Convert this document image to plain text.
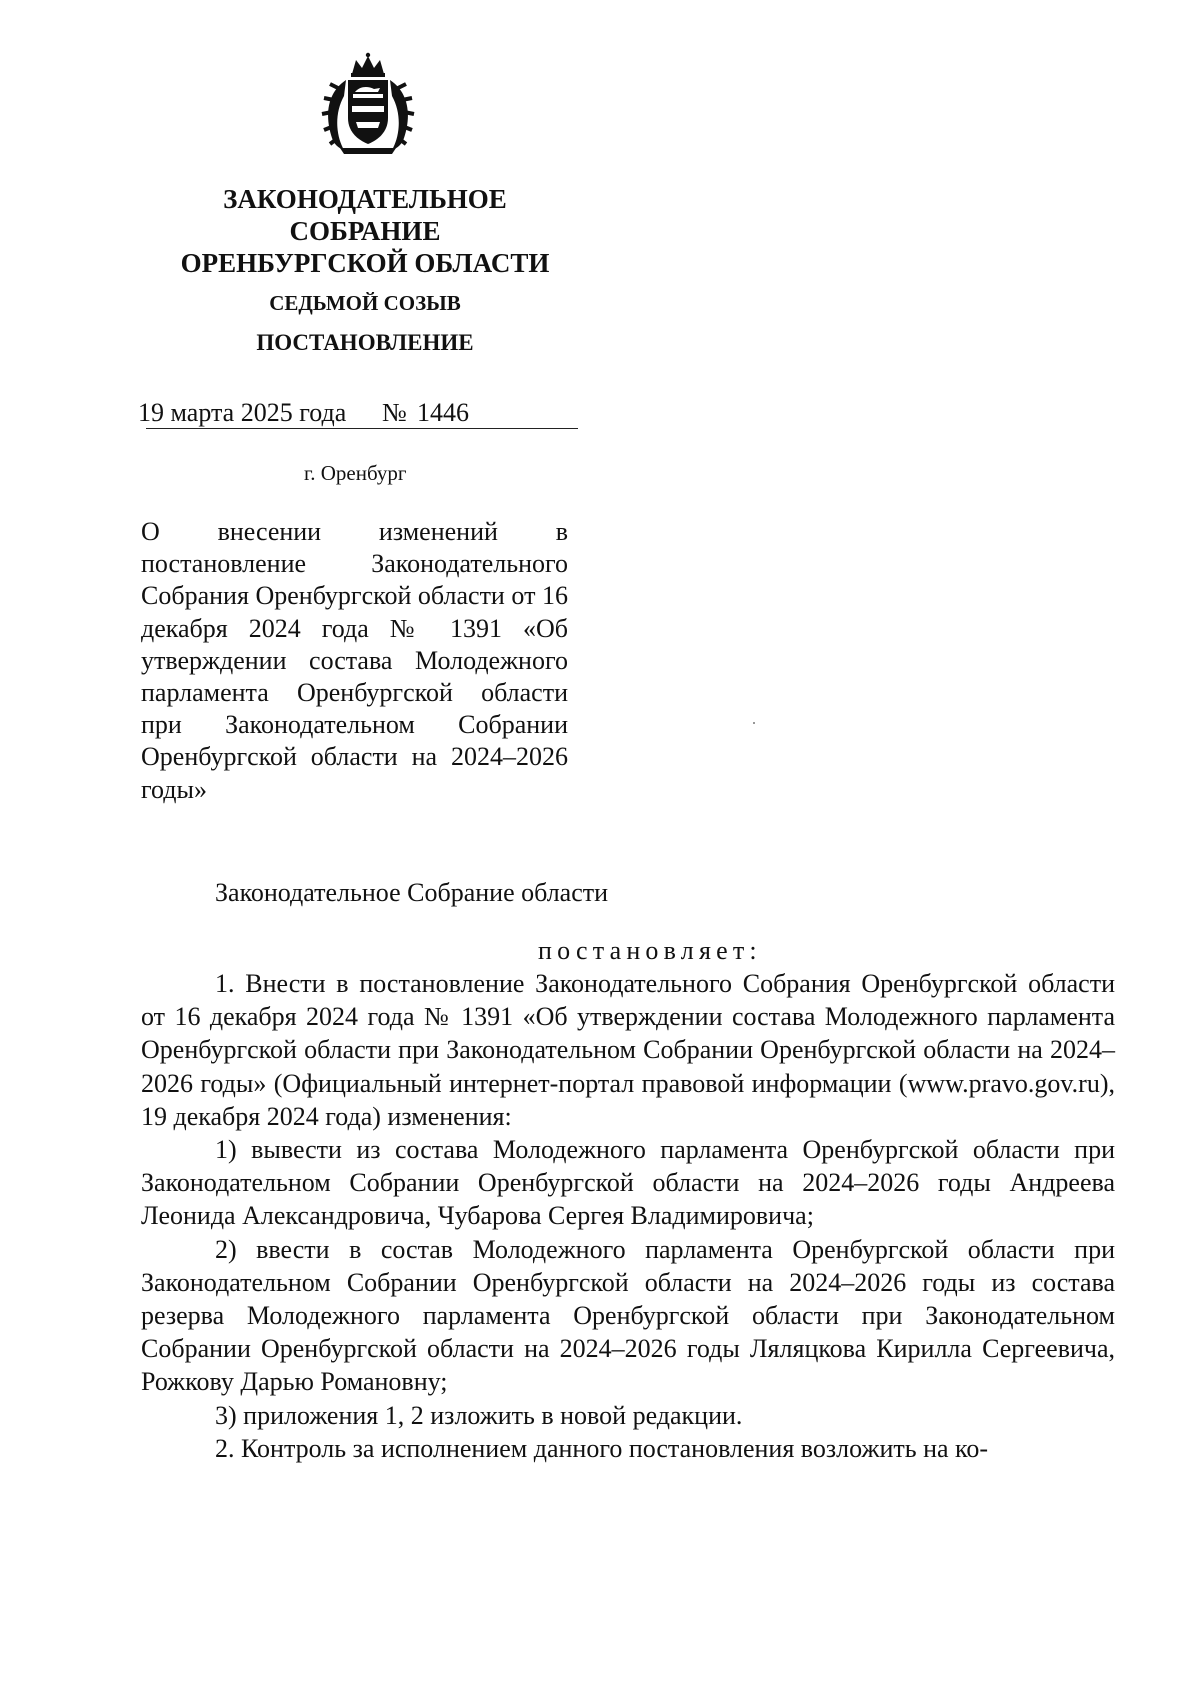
ЗАКОНОДАТЕЛЬНОЕ
СОБРАНИЕ
ОРЕНБУРГСКОЙ ОБЛАСТИ
СЕДЬМОЙ СОЗЫВ
ПОСТАНОВЛЕНИЕ
19 марта 2025 года № 1446
г. Оренбург
О внесении изменений в постановление Законодательного Собрания Оренбургской области от 16 декабря 2024 года № 1391 «Об утверждении состава Молодежного парламента Оренбургской области при Законодательном Собрании Оренбургской области на 2024–2026 годы»
Законодательное Собрание области
постановляет:

1. Внести в постановление Законодательного Собрания Оренбургской области от 16 декабря 2024 года № 1391 «Об утверждении состава Молодежного парламента Оренбургской области при Законодательном Собрании Оренбургской области на 2024–2026 годы» (Официальный интернет-портал правовой информации (www.pravo.gov.ru), 19 декабря 2024 года) изменения:

1) вывести из состава Молодежного парламента Оренбургской области при Законодательном Собрании Оренбургской области на 2024–2026 годы Андреева Леонида Александровича, Чубарова Сергея Владимировича;

2) ввести в состав Молодежного парламента Оренбургской области при Законодательном Собрании Оренбургской области на 2024–2026 годы из состава резерва Молодежного парламента Оренбургской области при Законодательном Собрании Оренбургской области на 2024–2026 годы Ляляцкова Кирилла Сергеевича, Рожкову Дарью Романовну;

3) приложения 1, 2 изложить в новой редакции.

2. Контроль за исполнением данного постановления возложить на ко-
